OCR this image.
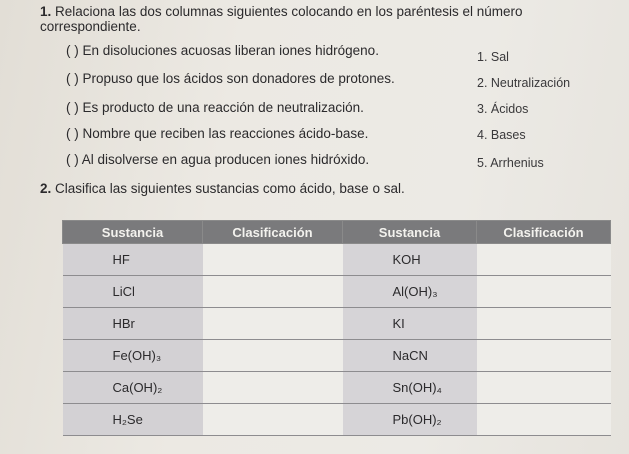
1. Relaciona las dos columnas siguientes colocando en los paréntesis el número correspondiente.
( ) En disoluciones acuosas liberan iones hidrógeno.
( ) Propuso que los ácidos son donadores de protones.
( ) Es producto de una reacción de neutralización.
( ) Nombre que reciben las reacciones ácido-base.
( ) Al disolverse en agua producen iones hidróxido.
1. Sal
2. Neutralización
3. Ácidos
4. Bases
5. Arrhenius
2. Clasifica las siguientes sustancias como ácido, base o sal.
Sustancia	Clasificación	Sustancia	Clasificación
HF		KOH	
LiCl		Al(OH)₃	
HBr		KI	
Fe(OH)₃		NaCN	
Ca(OH)₂		Sn(OH)₄	
H₂Se		Pb(OH)₂	
